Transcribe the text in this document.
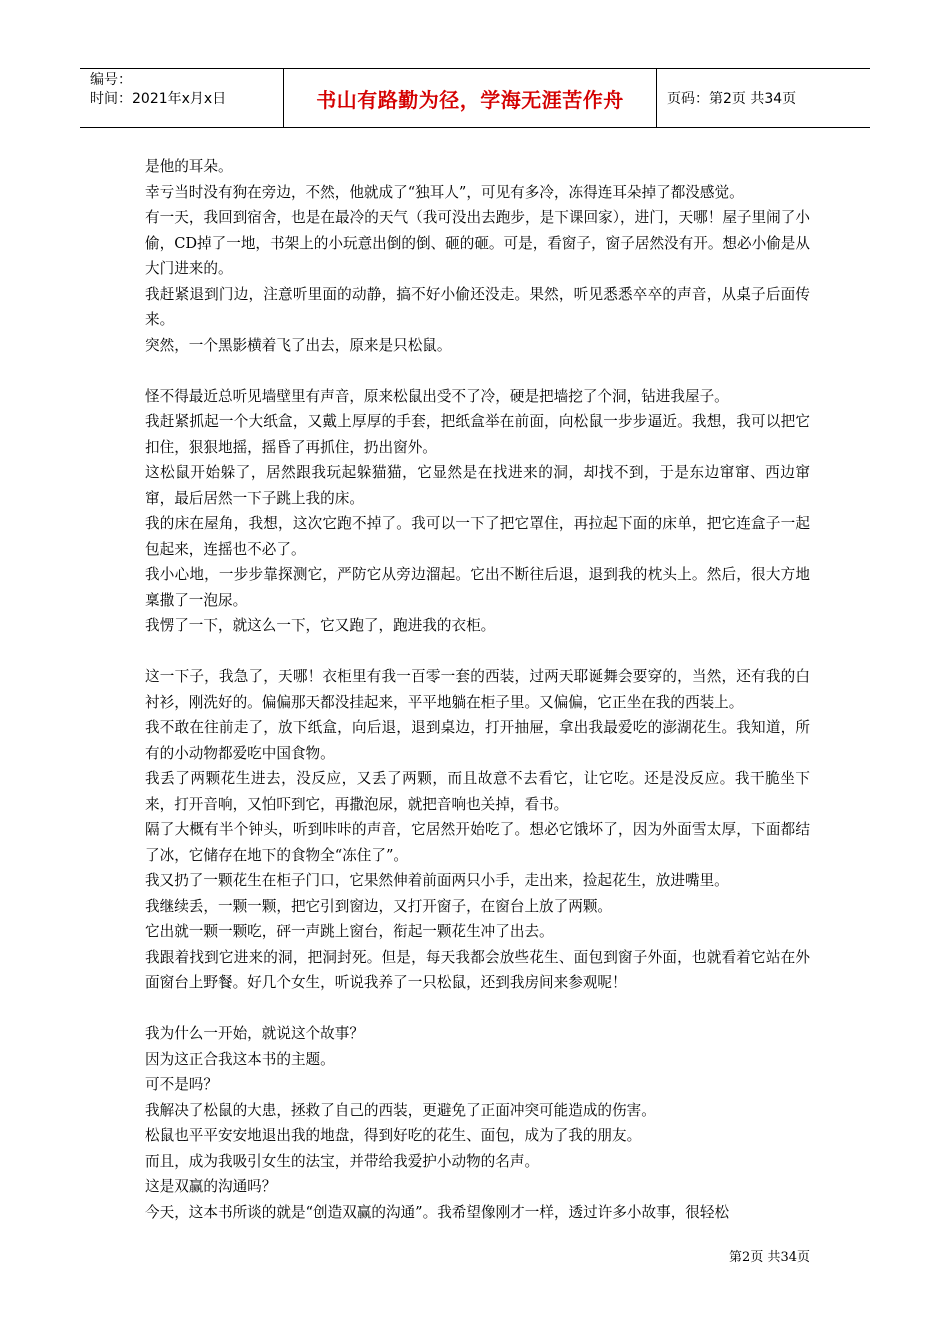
编号：
时间：2021年x月x日	书山有路勤为径，学海无涯苦作舟	页码：第2页 共34页

是他的耳朵。

幸亏当时没有狗在旁边，不然，他就成了“独耳人”，可见有多冷，冻得连耳朵掉了都没感觉。

有一天，我回到宿舍，也是在最冷的天气（我可没出去跑步，是下课回家），进门，天哪！屋子里闹了小偷，CD掉了一地，书架上的小玩意出倒的倒、砸的砸。可是，看窗子，窗子居然没有开。想必小偷是从大门进来的。

我赶紧退到门边，注意听里面的动静，搞不好小偷还没走。果然，听见悉悉卒卒的声音，从桌子后面传来。

突然，一个黑影横着飞了出去，原来是只松鼠。

怪不得最近总听见墙壁里有声音，原来松鼠出受不了冷，硬是把墙挖了个洞，钻进我屋子。

我赶紧抓起一个大纸盒，又戴上厚厚的手套，把纸盒举在前面，向松鼠一步步逼近。我想，我可以把它扣住，狠狠地摇，摇昏了再抓住，扔出窗外。

这松鼠开始躲了，居然跟我玩起躲猫猫，它显然是在找进来的洞，却找不到，于是东边窜窜、西边窜窜，最后居然一下子跳上我的床。

我的床在屋角，我想，这次它跑不掉了。我可以一下了把它罩住，再拉起下面的床单，把它连盒子一起包起来，连摇也不必了。

我小心地，一步步靠探测它，严防它从旁边溜起。它出不断往后退，退到我的枕头上。然后，很大方地稟撒了一泡尿。

我愣了一下，就这么一下，它又跑了，跑进我的衣柜。

这一下子，我急了，天哪！衣柜里有我一百零一套的西装，过两天耶诞舞会要穿的，当然，还有我的白衬衫，刚洗好的。偏偏那天都没挂起来，平平地躺在柜子里。又偏偏，它正坐在我的西装上。

我不敢在往前走了，放下纸盒，向后退，退到桌边，打开抽屉，拿出我最爱吃的澎湖花生。我知道，所有的小动物都爱吃中国食物。

我丢了两颗花生进去，没反应，又丢了两颗，而且故意不去看它，让它吃。还是没反应。我干脆坐下来，打开音响，又怕吓到它，再撒泡尿，就把音响也关掉，看书。

隔了大概有半个钟头，听到咔咔的声音，它居然开始吃了。想必它饿坏了，因为外面雪太厚，下面都结了冰，它储存在地下的食物全“冻住了”。

我又扔了一颗花生在柜子门口，它果然伸着前面两只小手，走出来，捡起花生，放进嘴里。

我继续丢，一颗一颗，把它引到窗边，又打开窗子，在窗台上放了两颗。

它出就一颗一颗吃，砰一声跳上窗台，衔起一颗花生冲了出去。

我跟着找到它进来的洞，把洞封死。但是，每天我都会放些花生、面包到窗子外面，也就看着它站在外面窗台上野餐。好几个女生，听说我养了一只松鼠，还到我房间来参观呢！

我为什么一开始，就说这个故事？

因为这正合我这本书的主题。

可不是吗？

我解决了松鼠的大患，拯救了自己的西装，更避免了正面冲突可能造成的伤害。

松鼠也平平安安地退出我的地盘，得到好吃的花生、面包，成为了我的朋友。

而且，成为我吸引女生的法宝，并带给我爱护小动物的名声。

这是双赢的沟通吗？

今天，这本书所谈的就是“创造双赢的沟通”。我希望像刚才一样，透过许多小故事，很轻松

第2页 共34页
